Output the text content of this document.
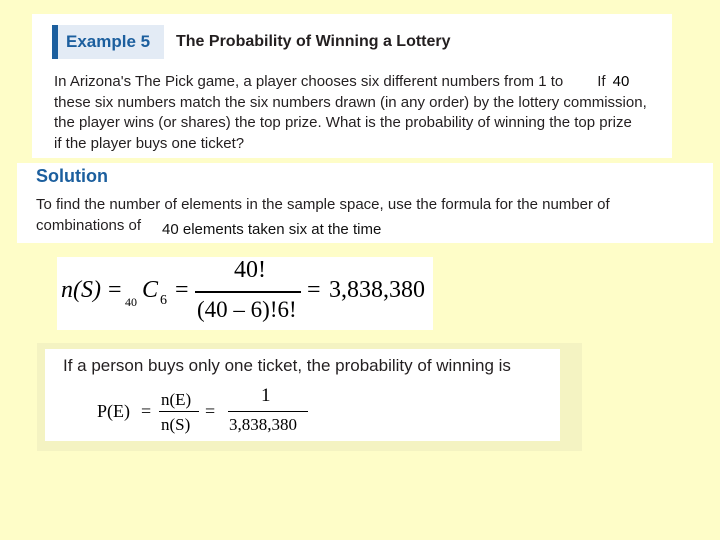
Example 5	The Probability of Winning a Lottery
In Arizona's The Pick game, a player chooses six different numbers from 1 to If
these six numbers match the six numbers drawn (in any order) by the lottery commission,
the player wins (or shares) the top prize. What is the probability of winning the top prize
if the player buys one ticket?
40
Solution
To find the number of elements in the sample space, use the formula for the number of
combinations of	40 elements taken six at the time
n(S) = 40 C 6 =
40!
(40 – 6)!6!
= 3,838,380
If a person buys only one ticket, the probability of winning is
P(E) =
n(E)
n(S)
=
1
3,838,380
